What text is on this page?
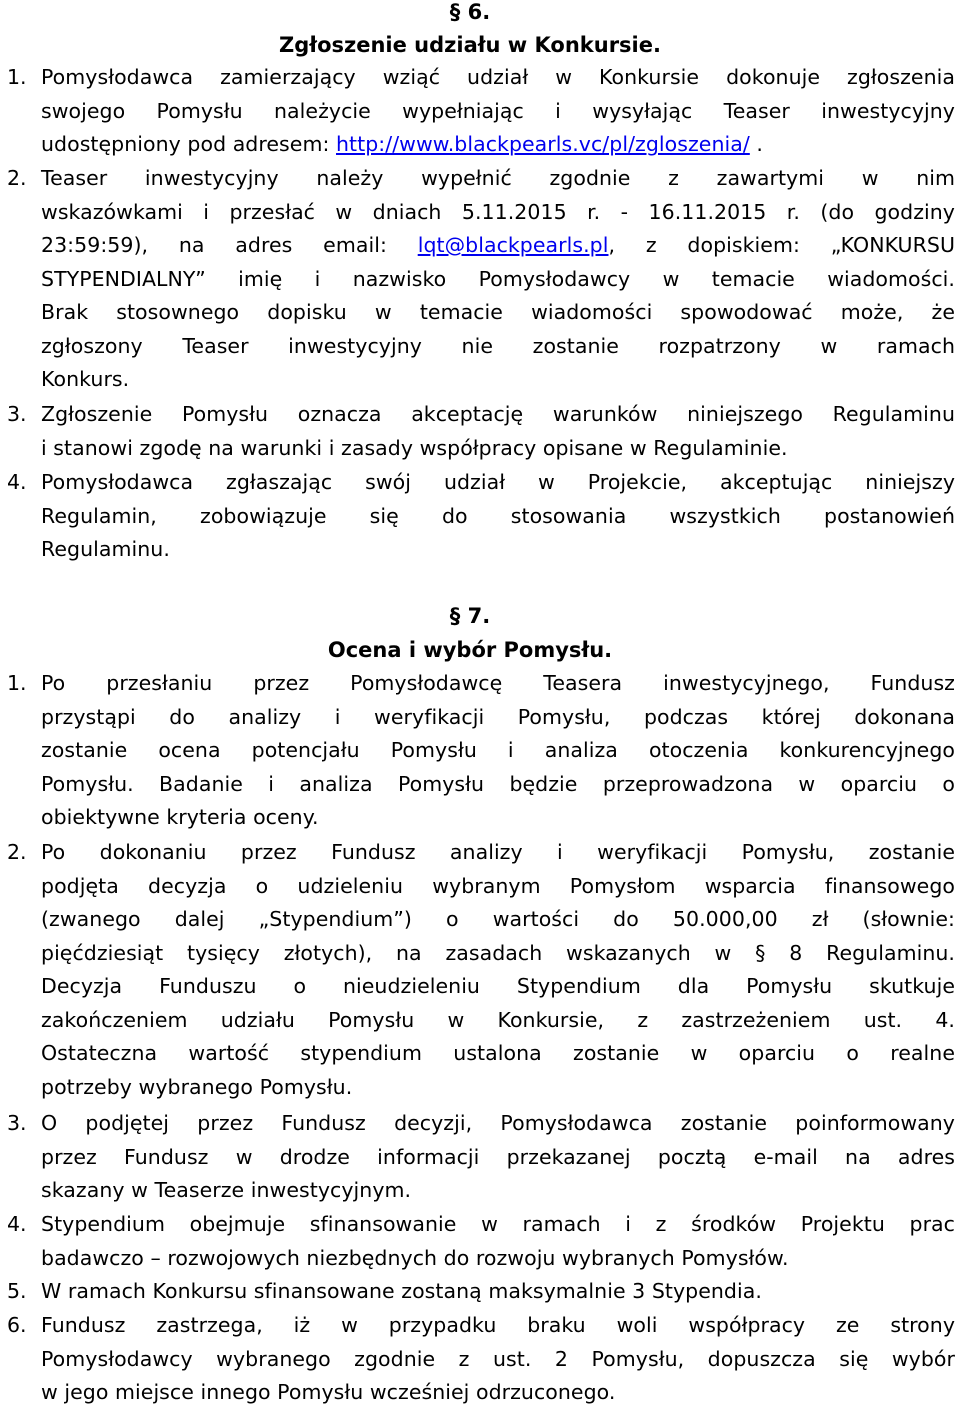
§ 6.
Zgłoszenie udziału w Konkursie.
1. Pomysłodawca zamierzający wziąć udział w Konkursie dokonuje zgłoszenia
swojego Pomysłu należycie wypełniając i wysyłając Teaser inwestycyjny
udostępniony pod adresem: http://www.blackpearls.vc/pl/zgloszenia/ .
2. Teaser inwestycyjny należy wypełnić zgodnie z zawartymi w nim
wskazówkami i przesłać w dniach 5.11.2015 r. - 16.11.2015 r. (do godziny
23:59:59), na adres email: lqt@blackpearls.pl, z dopiskiem: „KONKURSU
STYPENDIALNY” imię i nazwisko Pomysłodawcy w temacie wiadomości.
Brak stosownego dopisku w temacie wiadomości spowodować może, że
zgłoszony Teaser inwestycyjny nie zostanie rozpatrzony w ramach
Konkurs.
3. Zgłoszenie Pomysłu oznacza akceptację warunków niniejszego Regulaminu
i stanowi zgodę na warunki i zasady współpracy opisane w Regulaminie.
4. Pomysłodawca zgłaszając swój udział w Projekcie, akceptując niniejszy
Regulamin, zobowiązuje się do stosowania wszystkich postanowień
Regulaminu.
§ 7.
Ocena i wybór Pomysłu.
1. Po przesłaniu przez Pomysłodawcę Teasera inwestycyjnego, Fundusz
przystąpi do analizy i weryfikacji Pomysłu, podczas której dokonana
zostanie ocena potencjału Pomysłu i analiza otoczenia konkurencyjnego
Pomysłu. Badanie i analiza Pomysłu będzie przeprowadzona w oparciu o
obiektywne kryteria oceny.
2. Po dokonaniu przez Fundusz analizy i weryfikacji Pomysłu, zostanie
podjęta decyzja o udzieleniu wybranym Pomysłom wsparcia finansowego
(zwanego dalej „Stypendium”) o wartości do 50.000,00 zł (słownie:
pięćdziesiąt tysięcy złotych), na zasadach wskazanych w § 8 Regulaminu.
Decyzja Funduszu o nieudzieleniu Stypendium dla Pomysłu skutkuje
zakończeniem udziału Pomysłu w Konkursie, z zastrzeżeniem ust. 4.
Ostateczna wartość stypendium ustalona zostanie w oparciu o realne
potrzeby wybranego Pomysłu.
3. O podjętej przez Fundusz decyzji, Pomysłodawca zostanie poinformowany
przez Fundusz w drodze informacji przekazanej pocztą e-mail na adres
skazany w Teaserze inwestycyjnym.
4. Stypendium obejmuje sfinansowanie w ramach i z środków Projektu prac
badawczo – rozwojowych niezbędnych do rozwoju wybranych Pomysłów.
5. W ramach Konkursu sfinansowane zostaną maksymalnie 3 Stypendia.
6. Fundusz zastrzega, iż w przypadku braku woli współpracy ze strony
Pomysłodawcy wybranego zgodnie z ust. 2 Pomysłu, dopuszcza się wybór
w jego miejsce innego Pomysłu wcześniej odrzuconego.
